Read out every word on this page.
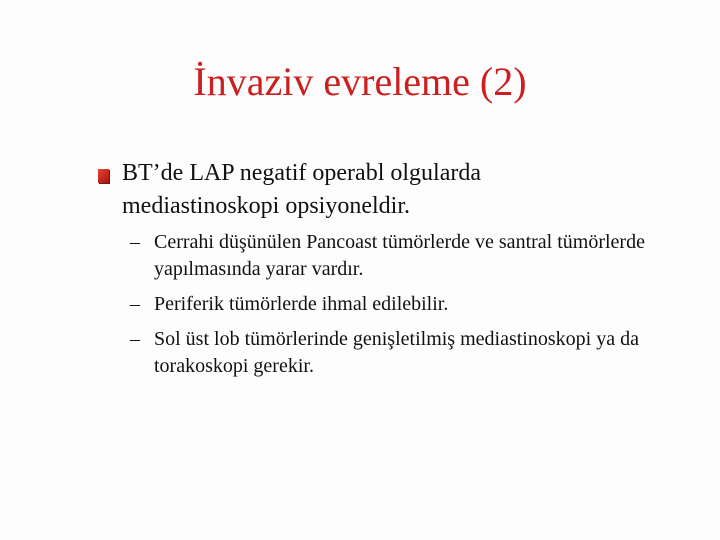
İnvaziv evreleme (2)
BT’de LAP negatif operabl olgularda mediastinoskopi opsiyoneldir.
– Cerrahi düşünülen Pancoast tümörlerde ve santral tümörlerde yapılmasında yarar vardır.
– Periferik tümörlerde ihmal edilebilir.
– Sol üst lob tümörlerinde genişletilmiş mediastinoskopi ya da torakoskopi gerekir.
